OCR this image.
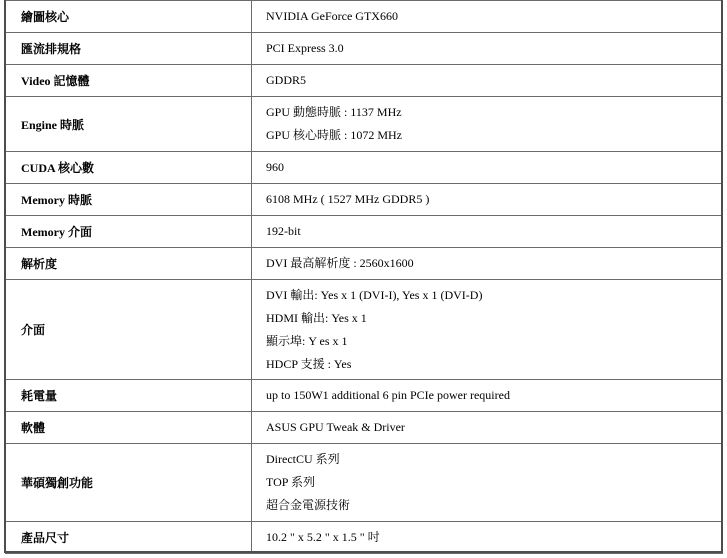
繪圖核心	NVIDIA GeForce GTX660

匯流排規格	PCI Express 3.0

Video 記憶體	GDDR5

Engine 時脈	GPU 動態時脈 : 1137 MHz
GPU 核心時脈 : 1072 MHz

CUDA 核心數	960

Memory 時脈	6108 MHz ( 1527 MHz GDDR5 )

Memory 介面	192-bit

解析度	DVI 最高解析度 : 2560x1600

介面	DVI 輸出: Yes x 1 (DVI-I), Yes x 1 (DVI-D)
HDMI 輸出: Yes x 1
顯示埠: Y es x 1
HDCP 支援 : Yes

耗電量	up to 150W1 additional 6 pin PCIe power required

軟體	ASUS GPU Tweak & Driver

華碩獨創功能	DirectCU 系列
TOP 系列
超合金電源技術

產品尺寸	10.2 " x 5.2 " x 1.5 " 吋
